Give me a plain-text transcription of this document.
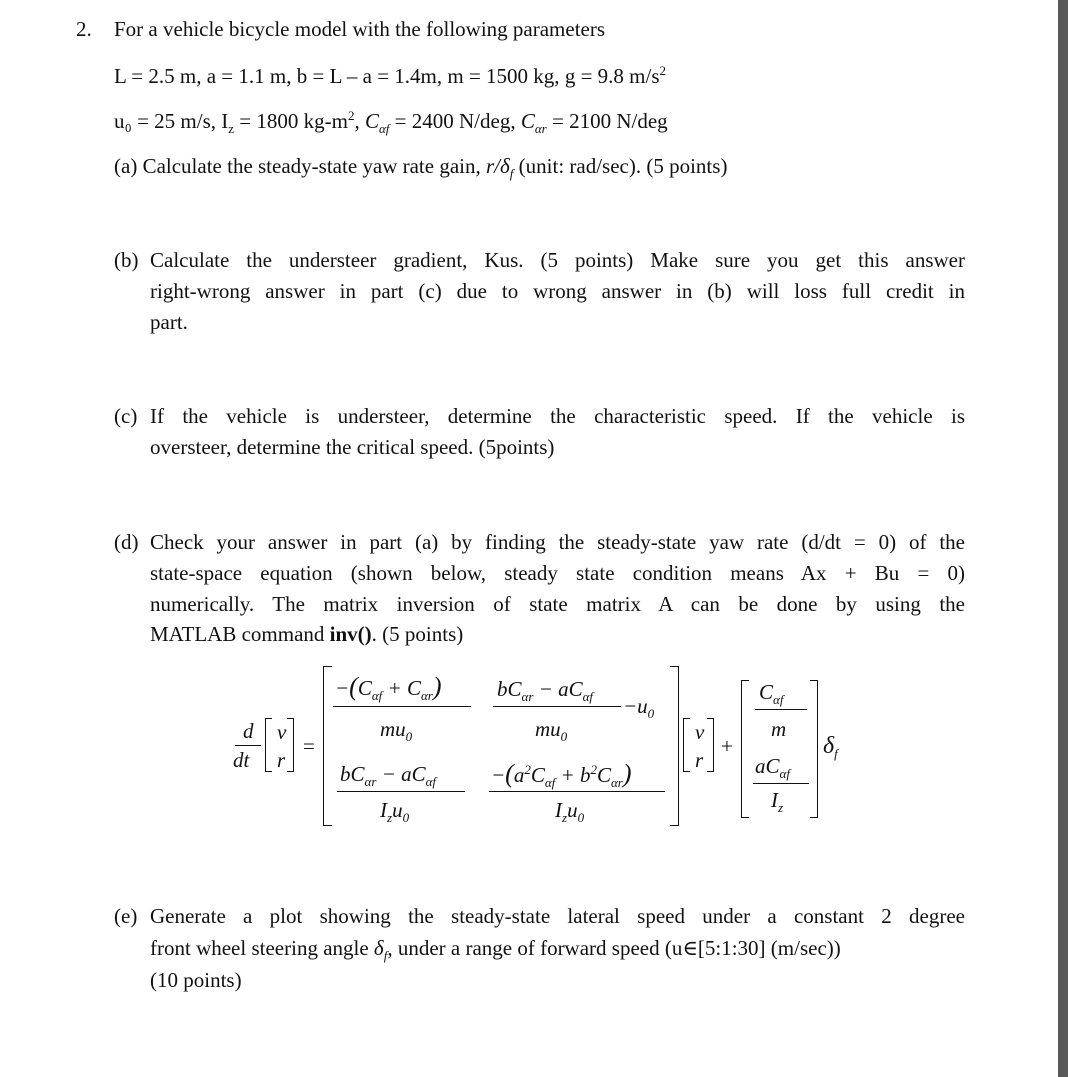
2. For a vehicle bicycle model with the following parameters
L = 2.5 m, a = 1.1 m, b = L – a = 1.4m, m = 1500 kg, g = 9.8 $m/s^2$
u₀ = 25 m/s, $I_z = 1800$ $kg-m^2$, $C_{\alpha f} = 2400$ N/deg, $C_{\alpha r} = 2100$ N/deg
(a) Calculate the steady-state yaw rate gain, $r/\delta_f$ (unit: rad/sec). (5 points)
(b) Calculate the understeer gradient, Kus. (5 points) Make sure you get this answer
right-wrong answer in part (c) due to wrong answer in (b) will loss full credit in
part.
(c) If the vehicle is understeer, determine the characteristic speed. If the vehicle is
oversteer, determine the critical speed. (5points)
(d) Check your answer in part (a) by finding the steady-state yaw rate (d/dt = 0) of the
state-space equation (shown below, steady state condition means Ax + Bu = 0)
numerically. The matrix inversion of state matrix A can be done by using the
MATLAB command inv(). (5 points)
d
dt
v
r
=
$-(C_{\alpha f} + C_{\alpha r})$
$mu_0$
$bC_{\alpha r} - aC_{\alpha f}$
$mu_0$
$-u_0$
$bC_{\alpha r} - aC_{\alpha f}$
$I_zu_0$
$-(a^2C_{\alpha f} + b^2C_{\alpha r})$
$I_zu_0$
v
r
+
$C_{\alpha f}$
m
$aC_{\alpha f}$
$I_z$
$\delta_f$
(e) Generate a plot showing the steady-state lateral speed under a constant 2 degree
front wheel steering angle $\delta_f$, under a range of forward speed (u∈[5:1:30] (m/sec))
(10 points)
